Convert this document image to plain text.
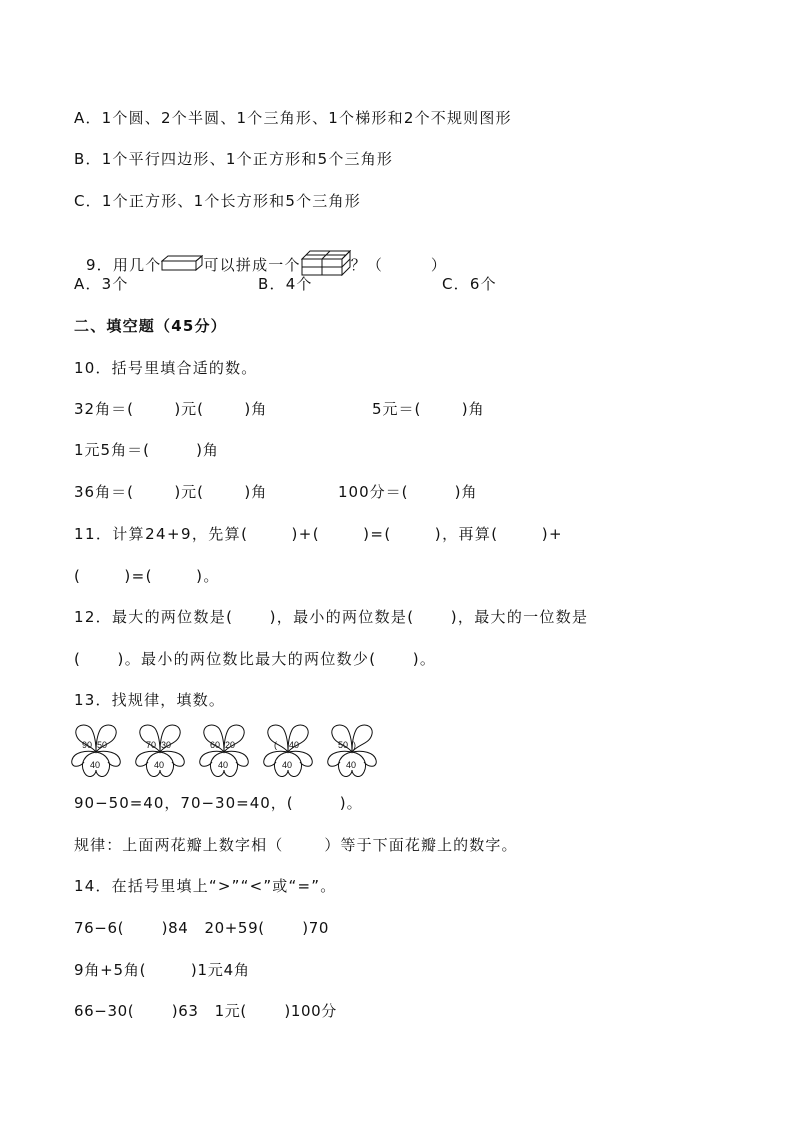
A．1个圆、2个半圆、1个三角形、1个梯形和2个不规则图形
B．1个平行四边形、1个正方形和5个三角形
C．1个正方形、1个长方形和5个三角形

9．用几个	可以拼成一个	？（        ）

A．3个	B．4个	C．6个
二、填空题（45分）
10．括号里填合适的数。
32角＝(       )元(       )角	5元＝(       )角
1元5角＝(        )角
36角＝(       )元(       )角	100分＝(        )角
11．计算24+9，先算(       )+(       )=(       )，再算(       )+
(       )=(       )。
12．最大的两位数是(      )，最小的两位数是(      )，最大的一位数是
(      )。最小的两位数比最大的两位数少(      )。
13．找规律，填数。
90 50
40
70 30
40
60 20
40
( 40
40
50 )
40
90−50=40，70−30=40，(        )。
规律：上面两花瓣上数字相（       ）等于下面花瓣上的数字。
14．在括号里填上“>”“<”或“=”。
76−6(       )84   20+59(       )70
9角+5角(        )1元4角
66−30(       )63   1元(       )100分
